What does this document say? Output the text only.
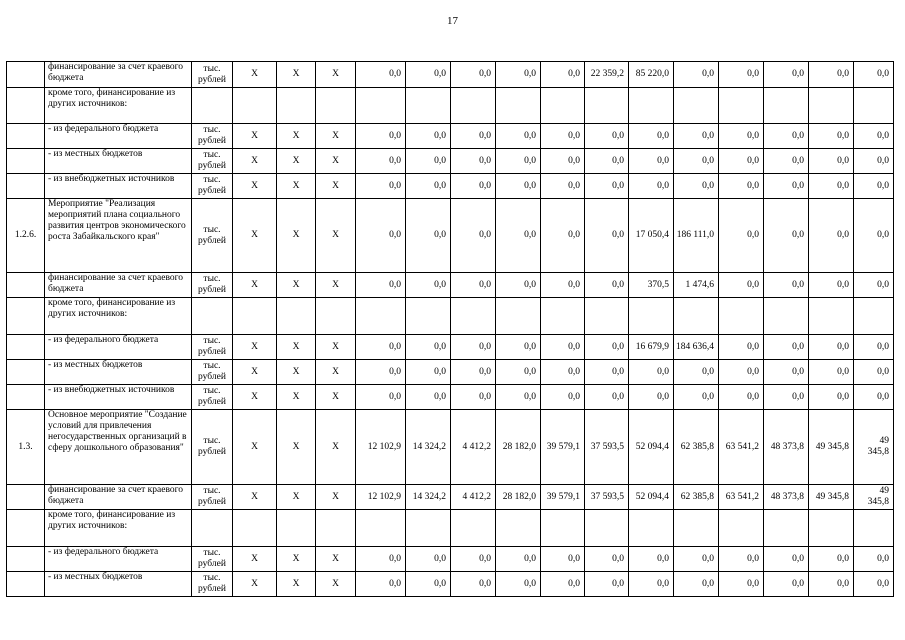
17
	финансирование за счет краевого бюджета	тыс. рублей	X	X	X	0,0	0,0	0,0	0,0	0,0	22 359,2	85 220,0	0,0	0,0	0,0	0,0	0,0
	кроме того, финансирование из других источников:																
	- из федерального бюджета	тыс. рублей	X	X	X	0,0	0,0	0,0	0,0	0,0	0,0	0,0	0,0	0,0	0,0	0,0	0,0
	- из местных бюджетов	тыс. рублей	X	X	X	0,0	0,0	0,0	0,0	0,0	0,0	0,0	0,0	0,0	0,0	0,0	0,0
	- из внебюджетных источников	тыс. рублей	X	X	X	0,0	0,0	0,0	0,0	0,0	0,0	0,0	0,0	0,0	0,0	0,0	0,0
1.2.6.	Мероприятие "Реализация мероприятий плана социального развития центров экономического роста Забайкальского края"	тыс. рублей	X	X	X	0,0	0,0	0,0	0,0	0,0	0,0	17 050,4	186 111,0	0,0	0,0	0,0	0,0
	финансирование за счет краевого бюджета	тыс. рублей	X	X	X	0,0	0,0	0,0	0,0	0,0	0,0	370,5	1 474,6	0,0	0,0	0,0	0,0
	кроме того, финансирование из других источников:																
	- из федерального бюджета	тыс. рублей	X	X	X	0,0	0,0	0,0	0,0	0,0	0,0	16 679,9	184 636,4	0,0	0,0	0,0	0,0
	- из местных бюджетов	тыс. рублей	X	X	X	0,0	0,0	0,0	0,0	0,0	0,0	0,0	0,0	0,0	0,0	0,0	0,0
	- из внебюджетных источников	тыс. рублей	X	X	X	0,0	0,0	0,0	0,0	0,0	0,0	0,0	0,0	0,0	0,0	0,0	0,0
1.3.	Основное мероприятие "Создание условий для привлечения негосударственных организаций в сферу дошкольного образования"	тыс. рублей	X	X	X	12 102,9	14 324,2	4 412,2	28 182,0	39 579,1	37 593,5	52 094,4	62 385,8	63 541,2	48 373,8	49 345,8	49 345,8
	финансирование за счет краевого бюджета	тыс. рублей	X	X	X	12 102,9	14 324,2	4 412,2	28 182,0	39 579,1	37 593,5	52 094,4	62 385,8	63 541,2	48 373,8	49 345,8	49 345,8
	кроме того, финансирование из других источников:																
	- из федерального бюджета	тыс. рублей	X	X	X	0,0	0,0	0,0	0,0	0,0	0,0	0,0	0,0	0,0	0,0	0,0	0,0
	- из местных бюджетов	тыс. рублей	X	X	X	0,0	0,0	0,0	0,0	0,0	0,0	0,0	0,0	0,0	0,0	0,0	0,0
